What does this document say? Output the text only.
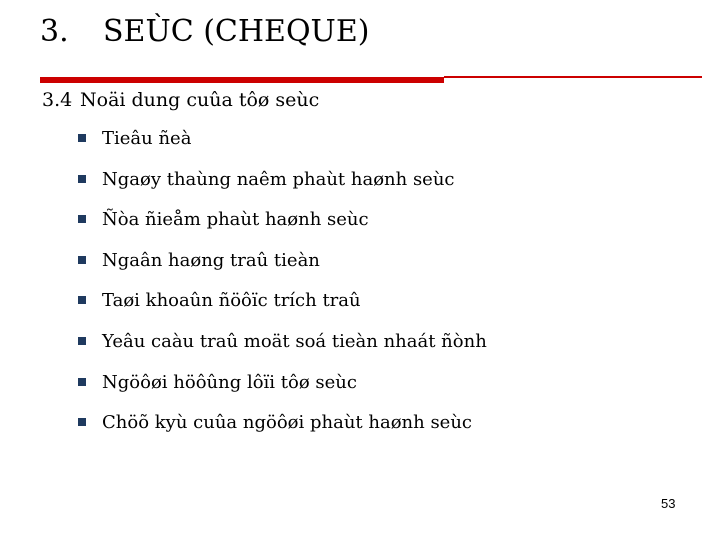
3. SEÙC (CHEQUE)
3.4 Noäi dung cuûa tôø seùc
Tieâu ñeà
Ngaøy thaùng naêm phaùt haønh seùc
Ñòa ñieåm phaùt haønh seùc
Ngaân haøng traû tieàn
Taøi khoaûn ñöôïc trích traû
Yeâu caàu traû moät soá tieàn nhaát ñònh
Ngöôøi höôûng lôïi tôø seùc
Chöõ kyù cuûa ngöôøi phaùt haønh seùc
53
